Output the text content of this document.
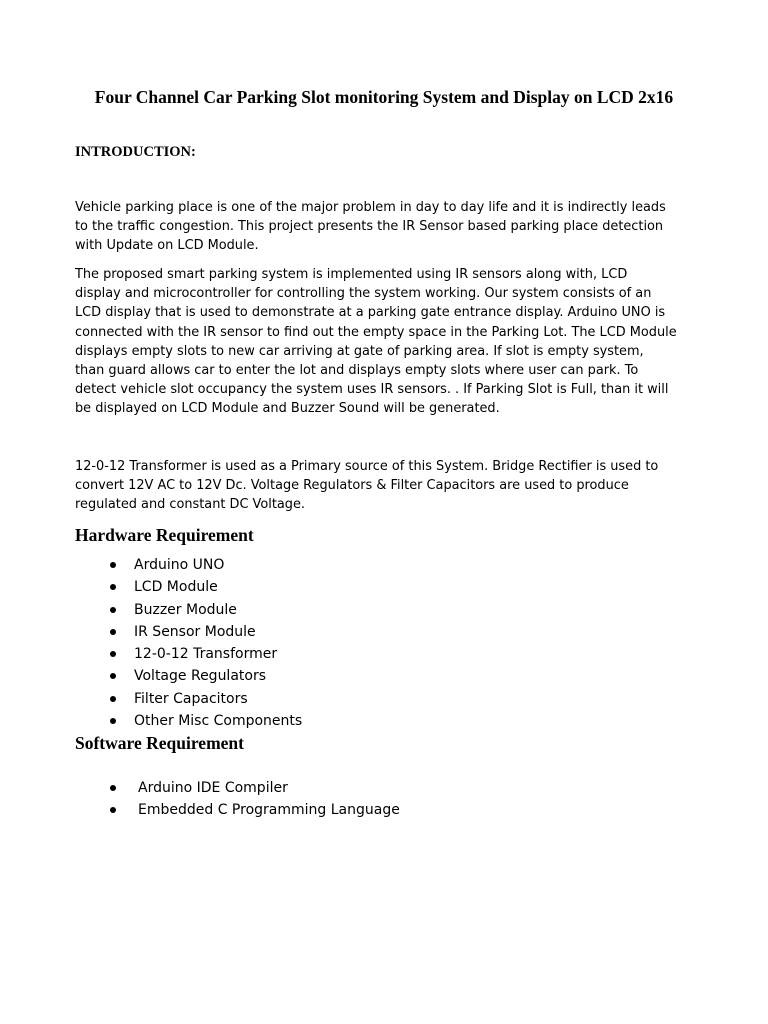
Four Channel Car Parking Slot monitoring System and Display on LCD 2x16
INTRODUCTION:

Vehicle parking place is one of the major problem in day to day life and it is indirectly leads to the traffic congestion. This project presents the IR Sensor based parking place detection with Update on LCD Module.

The proposed smart parking system is implemented using IR sensors along with, LCD display and microcontroller for controlling the system working. Our system consists of an LCD display that is used to demonstrate at a parking gate entrance display. Arduino UNO is connected with the IR sensor to find out the empty space in the Parking Lot. The LCD Module displays empty slots to new car arriving at gate of parking area. If slot is empty system, than guard allows car to enter the lot and displays empty slots where user can park. To detect vehicle slot occupancy the system uses IR sensors. . If Parking Slot is Full, than it will be displayed on LCD Module and Buzzer Sound will be generated.

12-0-12 Transformer is used as a Primary source of this System. Bridge Rectifier is used to convert 12V AC to 12V Dc. Voltage Regulators & Filter Capacitors are used to produce regulated and constant DC Voltage.

Hardware Requirement
Arduino UNO
LCD Module
Buzzer Module
IR Sensor Module
12-0-12 Transformer
Voltage Regulators
Filter Capacitors
Other Misc Components
Software Requirement
Arduino IDE Compiler
Embedded C Programming Language
